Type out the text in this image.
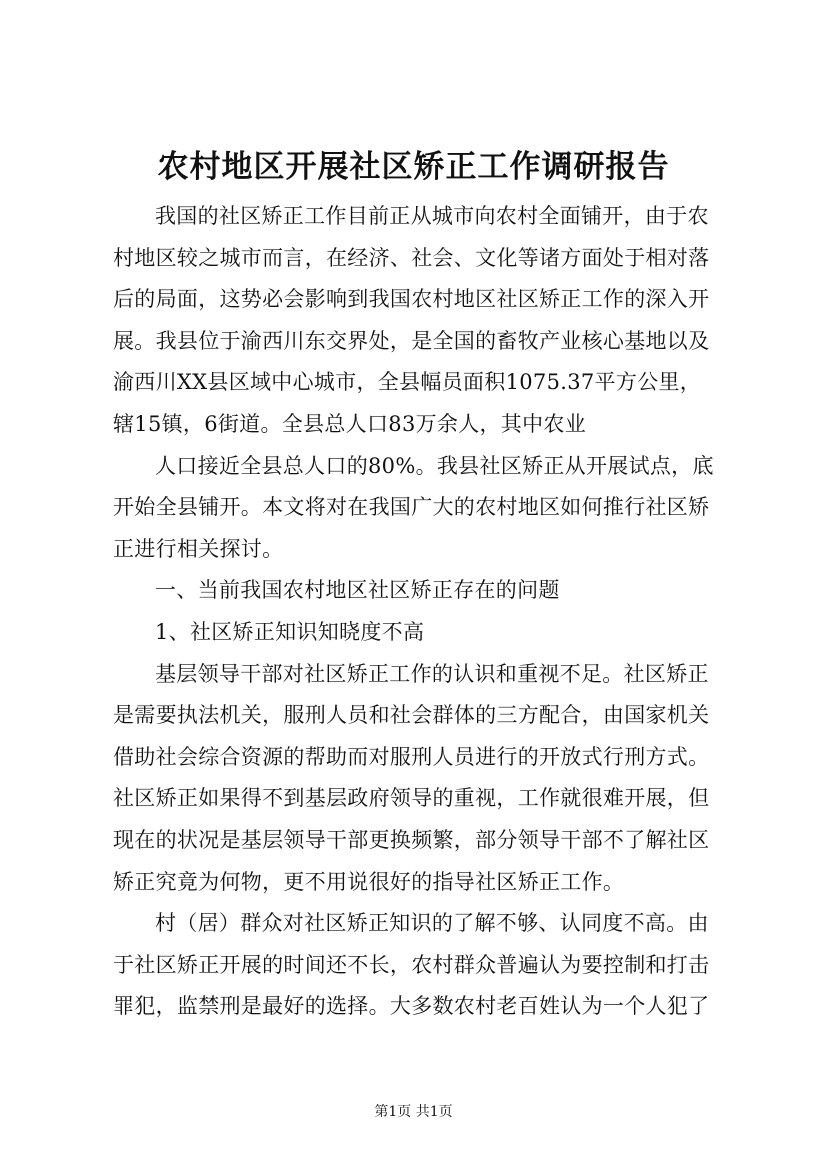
农村地区开展社区矫正工作调研报告
我国的社区矫正工作目前正从城市向农村全面铺开，由于农
村地区较之城市而言，在经济、社会、文化等诸方面处于相对落
后的局面，这势必会影响到我国农村地区社区矫正工作的深入开
展。我县位于渝西川东交界处，是全国的畜牧产业核心基地以及
渝西川XX县区域中心城市，全县幅员面积1075.37平方公里，
辖15镇，6街道。全县总人口83万余人，其中农业
人口接近全县总人口的80%。我县社区矫正从开展试点，底
开始全县铺开。本文将对在我国广大的农村地区如何推行社区矫
正进行相关探讨。
一、当前我国农村地区社区矫正存在的问题
1、社区矫正知识知晓度不高
基层领导干部对社区矫正工作的认识和重视不足。社区矫正
是需要执法机关，服刑人员和社会群体的三方配合，由国家机关
借助社会综合资源的帮助而对服刑人员进行的开放式行刑方式。
社区矫正如果得不到基层政府领导的重视，工作就很难开展，但
现在的状况是基层领导干部更换频繁，部分领导干部不了解社区
矫正究竟为何物，更不用说很好的指导社区矫正工作。
村（居）群众对社区矫正知识的了解不够、认同度不高。由
于社区矫正开展的时间还不长，农村群众普遍认为要控制和打击
罪犯，监禁刑是最好的选择。大多数农村老百姓认为一个人犯了
第1页 共1页
